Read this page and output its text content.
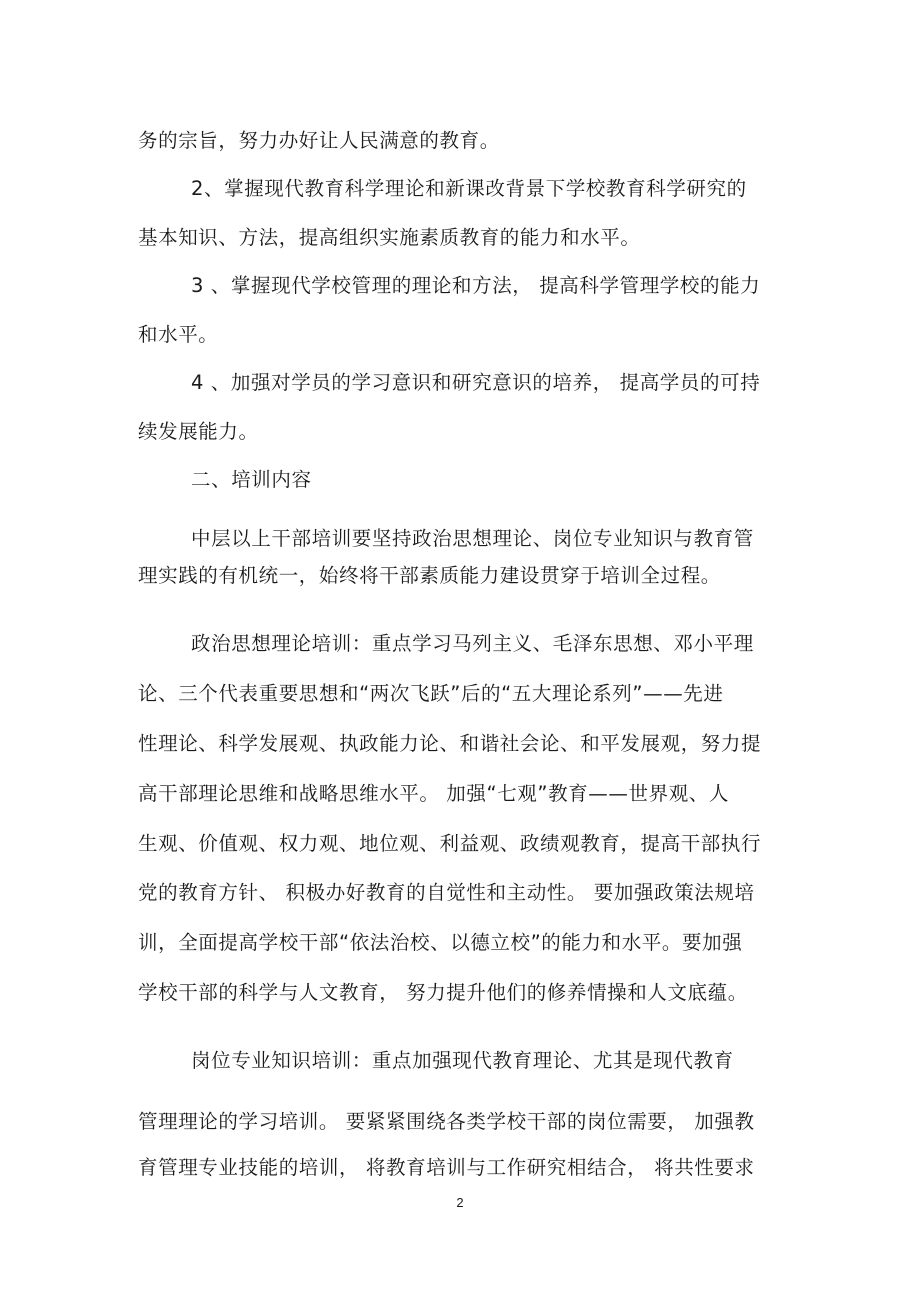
务的宗旨，努力办好让人民满意的教育。
2、掌握现代教育科学理论和新课改背景下学校教育科学研究的
基本知识、方法，提高组织实施素质教育的能力和水平。
3 、掌握现代学校管理的理论和方法， 提高科学管理学校的能力
和水平。
4 、加强对学员的学习意识和研究意识的培养， 提高学员的可持
续发展能力。
二、培训内容
中层以上干部培训要坚持政治思想理论、岗位专业知识与教育管
理实践的有机统一，始终将干部素质能力建设贯穿于培训全过程。
政治思想理论培训：重点学习马列主义、毛泽东思想、邓小平理
论、三个代表重要思想和“两次飞跃”后的“五大理论系列”——先进
性理论、科学发展观、执政能力论、和谐社会论、和平发展观，努力提
高干部理论思维和战略思维水平。 加强“七观”教育——世界观、人
生观、价值观、权力观、地位观、利益观、政绩观教育，提高干部执行
党的教育方针、 积极办好教育的自觉性和主动性。 要加强政策法规培
训，全面提高学校干部“依法治校、以德立校”的能力和水平。要加强
学校干部的科学与人文教育， 努力提升他们的修养情操和人文底蕴。
岗位专业知识培训：重点加强现代教育理论、尤其是现代教育
管理理论的学习培训。 要紧紧围绕各类学校干部的岗位需要， 加强教
育管理专业技能的培训， 将教育培训与工作研究相结合， 将共性要求
2
